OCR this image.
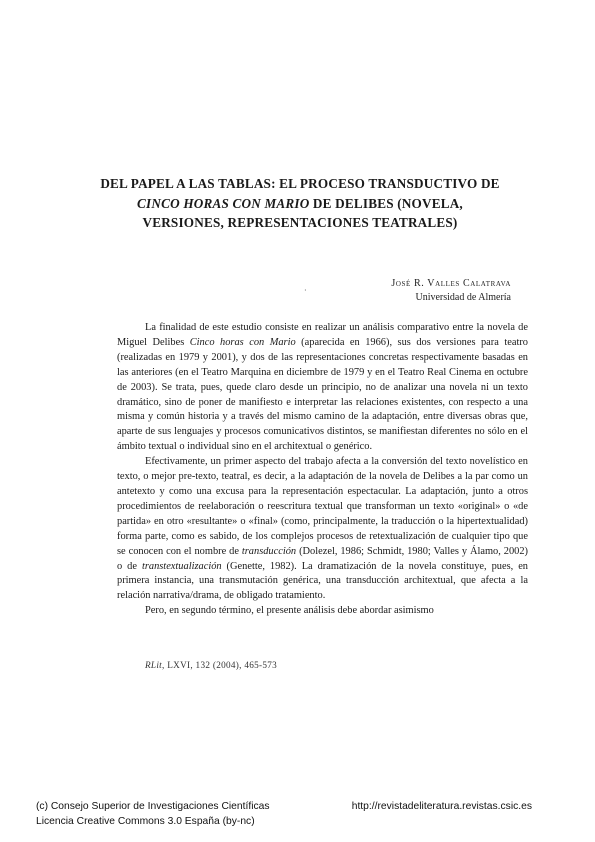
DEL PAPEL A LAS TABLAS: EL PROCESO TRANSDUCTIVO DE CINCO HORAS CON MARIO DE DELIBES (NOVELA, VERSIONES, REPRESENTACIONES TEATRALES)
José R. Valles Calatrava
Universidad de Almería
·

La finalidad de este estudio consiste en realizar un análisis comparativo entre la novela de Miguel Delibes Cinco horas con Mario (aparecida en 1966), sus dos versiones para teatro (realizadas en 1979 y 2001), y dos de las representaciones concretas respectivamente basadas en las anteriores (en el Teatro Marquina en diciembre de 1979 y en el Teatro Real Cinema en octubre de 2003). Se trata, pues, quede claro desde un principio, no de analizar una novela ni un texto dramático, sino de poner de manifiesto e interpretar las relaciones existentes, con respecto a una misma y común historia y a través del mismo camino de la adaptación, entre diversas obras que, aparte de sus lenguajes y procesos comunicativos distintos, se manifiestan diferentes no sólo en el ámbito textual o individual sino en el architextual o genérico.

Efectivamente, un primer aspecto del trabajo afecta a la conversión del texto novelístico en texto, o mejor pre-texto, teatral, es decir, a la adaptación de la novela de Delibes a la par como un antetexto y como una excusa para la representación espectacular. La adaptación, junto a otros procedimientos de reelaboración o reescritura textual que transforman un texto «original» o «de partida» en otro «resultante» o «final» (como, principalmente, la traducción o la hipertextualidad) forma parte, como es sabido, de los complejos procesos de retextualización de cualquier tipo que se conocen con el nombre de transducción (Dolezel, 1986; Schmidt, 1980; Valles y Álamo, 2002) o de transtextualización (Genette, 1982). La dramatización de la novela constituye, pues, en primera instancia, una transmutación genérica, una transducción architextual, que afecta a la relación narrativa/drama, de obligado tratamiento.

Pero, en segundo término, el presente análisis debe abordar asimismo

RLit, LXVI, 132 (2004), 465-573
(c) Consejo Superior de Investigaciones Científicas
Licencia Creative Commons 3.0 España (by-nc)
http://revistadeliteratura.revistas.csic.es
